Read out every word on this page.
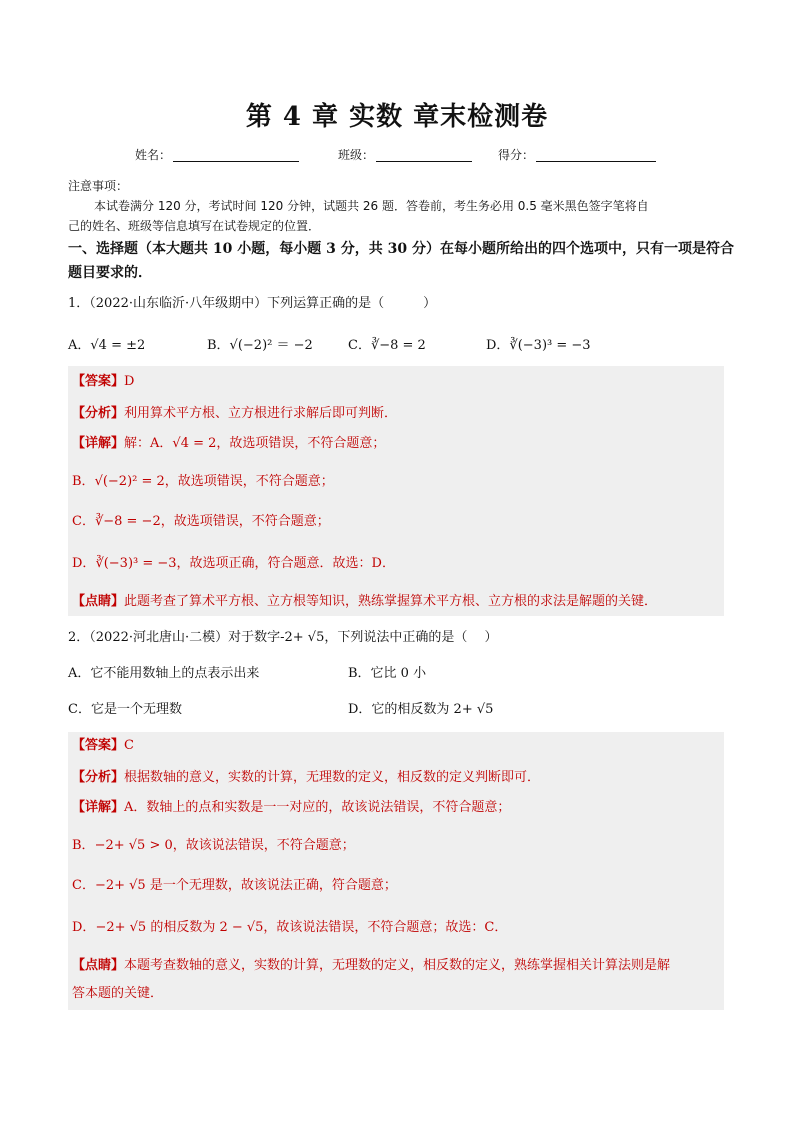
第 4 章 实数 章末检测卷
姓名：	班级：	得分：
注意事项：
本试卷满分 120 分，考试时间 120 分钟，试题共 26 题．答卷前，考生务必用 0.5 毫米黑色签字笔将自
己的姓名、班级等信息填写在试卷规定的位置．
一、选择题（本大题共 10 小题，每小题 3 分，共 30 分）在每小题所给出的四个选项中，只有一项是符合
题目要求的．
1．（2022·山东临沂·八年级期中）下列运算正确的是（　　　）
A．√4 = ±2	B．√(−2)² ＝ −2	C．∛−8 = 2	D．∛(−3)³ = −3
【答案】D
【分析】利用算术平方根、立方根进行求解后即可判断．
【详解】解：A．√4 = 2，故选项错误，不符合题意；
B．√(−2)² = 2，故选项错误，不符合题意；
C．∛−8 = −2，故选项错误，不符合题意；
D．∛(−3)³ = −3，故选项正确，符合题意．故选：D．
【点睛】此题考查了算术平方根、立方根等知识，熟练掌握算术平方根、立方根的求法是解题的关键．
2．（2022·河北唐山·二模）对于数字-2+ √5，下列说法中正确的是（　 ）
A．它不能用数轴上的点表示出来	B．它比 0 小
C．它是一个无理数	D．它的相反数为 2+ √5
【答案】C
【分析】根据数轴的意义，实数的计算，无理数的定义，相反数的定义判断即可．
【详解】A．数轴上的点和实数是一一对应的，故该说法错误，不符合题意；
B．−2+ √5 > 0，故该说法错误，不符合题意；
C．−2+ √5 是一个无理数，故该说法正确，符合题意；
D．−2+ √5 的相反数为 2 − √5，故该说法错误，不符合题意；故选：C．
【点睛】本题考查数轴的意义，实数的计算，无理数的定义，相反数的定义，熟练掌握相关计算法则是解
答本题的关键．
